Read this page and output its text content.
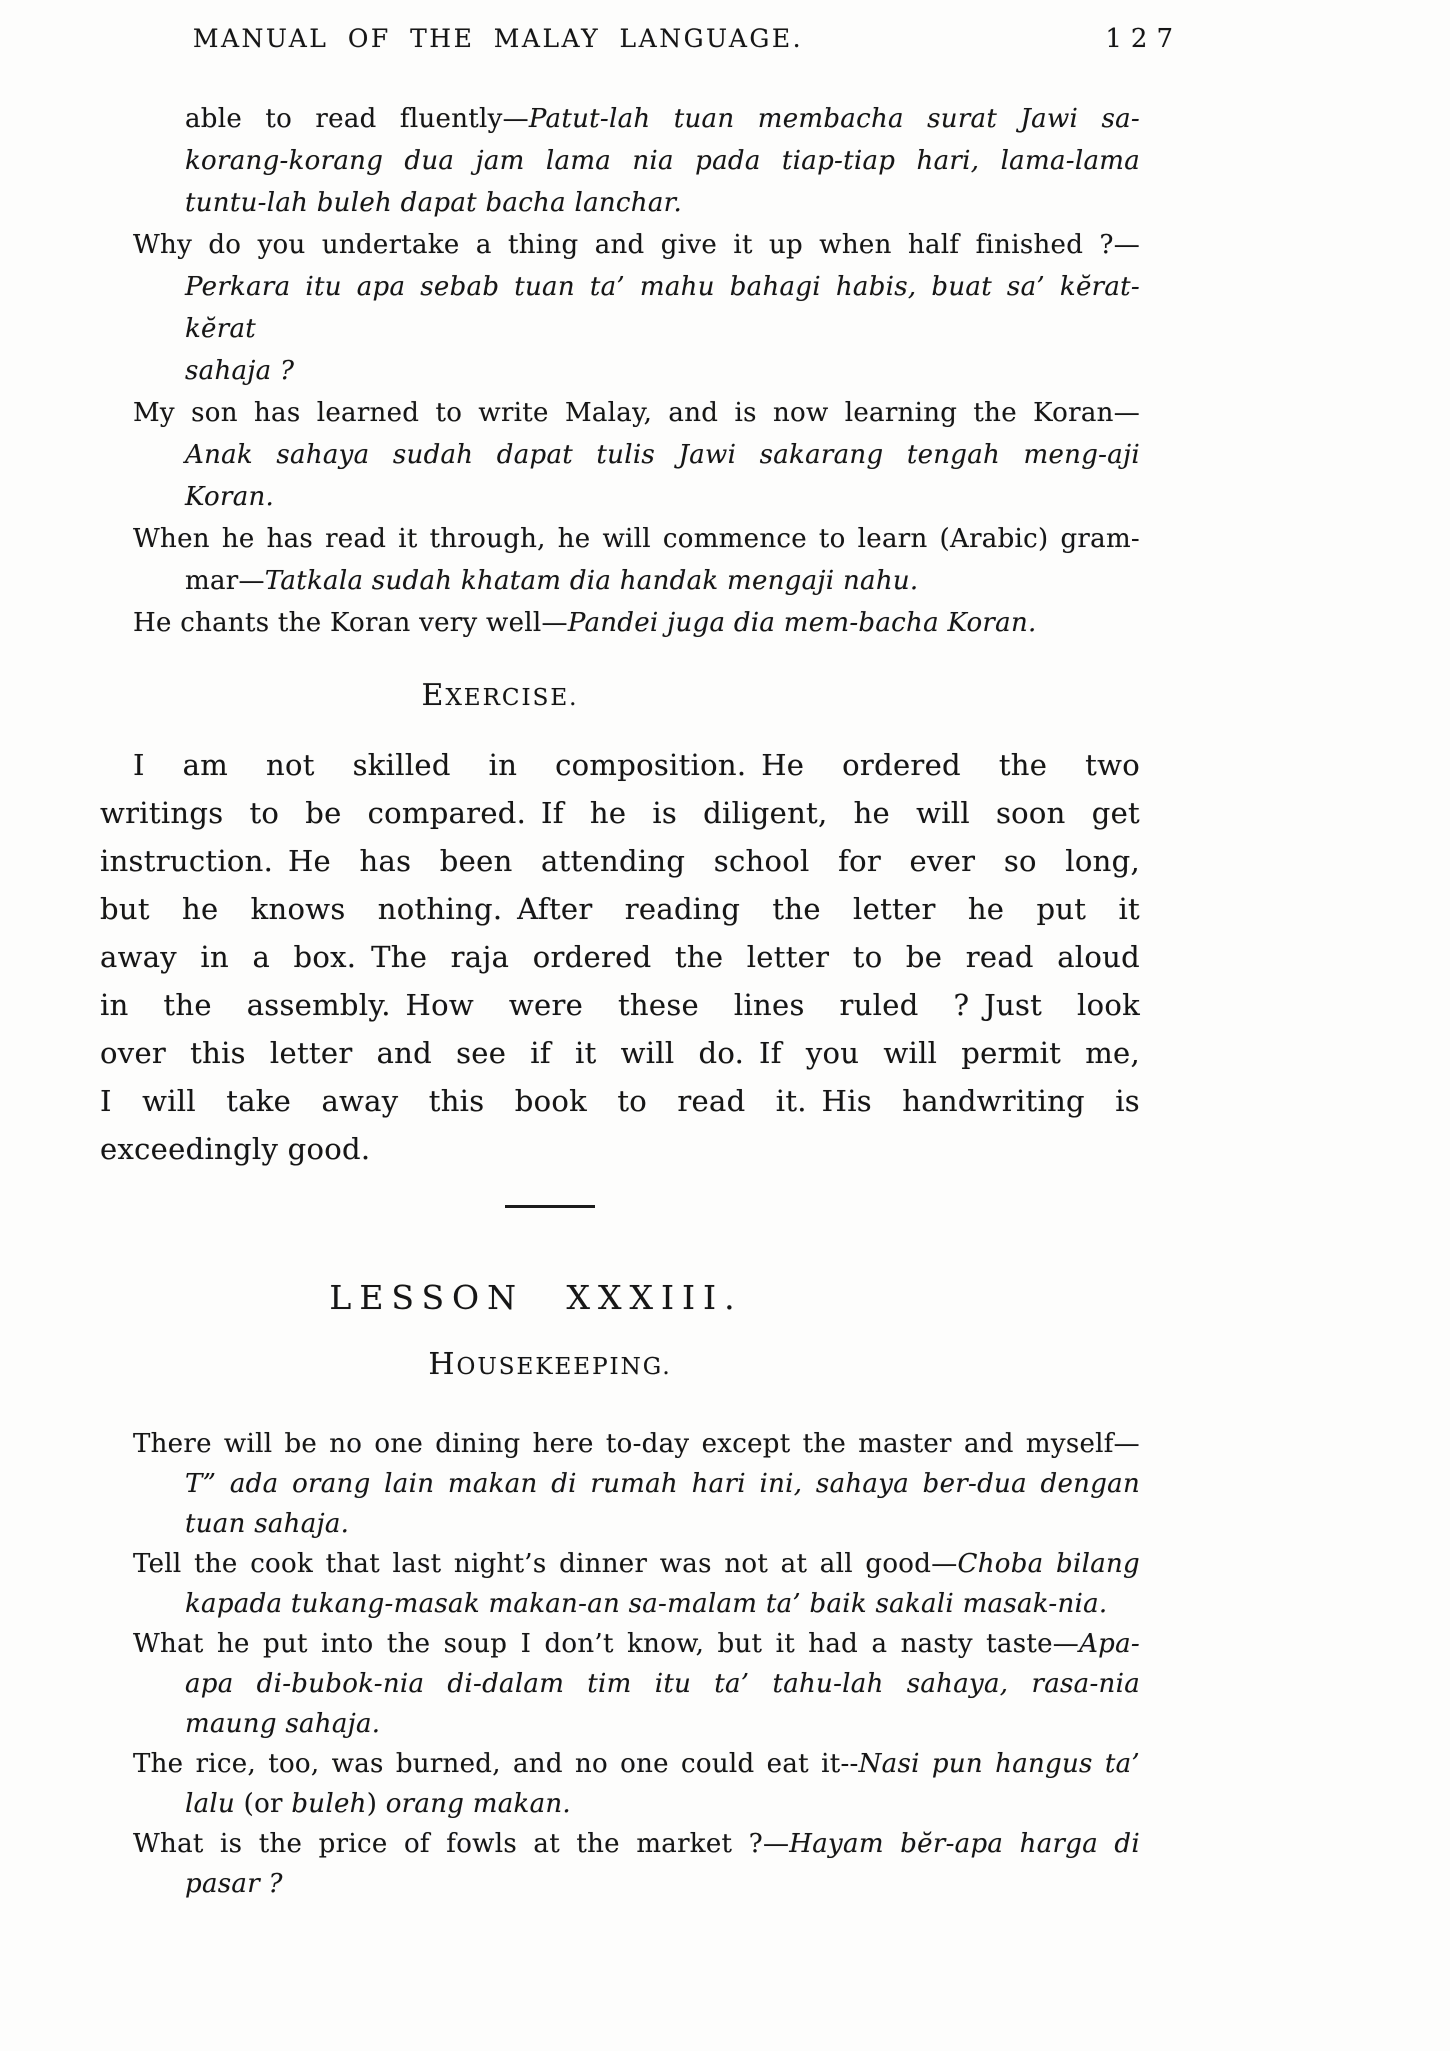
MANUAL OF THE MALAY LANGUAGE.	127
able to read fluently—Patut-lah tuan membacha surat Jawi sa-
korang-korang dua jam lama nia pada tiap-tiap hari, lama-lama
tuntu-lah buleh dapat bacha lanchar.
Why do you undertake a thing and give it up when half finished ?—
Perkara itu apa sebab tuan ta’ mahu bahagi habis, buat sa’ kĕrat-kĕrat
sahaja ?
My son has learned to write Malay, and is now learning the Koran—
Anak sahaya sudah dapat tulis Jawi sakarang tengah meng-aji
Koran.
When he has read it through, he will commence to learn (Arabic) gram-
mar—Tatkala sudah khatam dia handak mengaji nahu.
He chants the Koran very well—Pandei juga dia mem-bacha Koran.
EXERCISE.
I am not skilled in composition. He ordered the two
writings to be compared. If he is diligent, he will soon get
instruction. He has been attending school for ever so long,
but he knows nothing. After reading the letter he put it
away in a box. The raja ordered the letter to be read aloud
in the assembly. How were these lines ruled ? Just look
over this letter and see if it will do. If you will permit me,
I will take away this book to read it. His handwriting is
exceedingly good.
LESSON XXXIII.
HOUSEKEEPING.
There will be no one dining here to-day except the master and myself—
T” ada orang lain makan di rumah hari ini, sahaya ber-dua dengan
tuan sahaja.
Tell the cook that last night’s dinner was not at all good—Choba bilang
kapada tukang-masak makan-an sa-malam ta’ baik sakali masak-nia.
What he put into the soup I don’t know, but it had a nasty taste—Apa-
apa di-bubok-nia di-dalam tim itu ta’ tahu-lah sahaya, rasa-nia
maung sahaja.
The rice, too, was burned, and no one could eat it--Nasi pun hangus ta’
lalu (or buleh) orang makan.
What is the price of fowls at the market ?—Hayam bĕr-apa harga di
pasar ?
